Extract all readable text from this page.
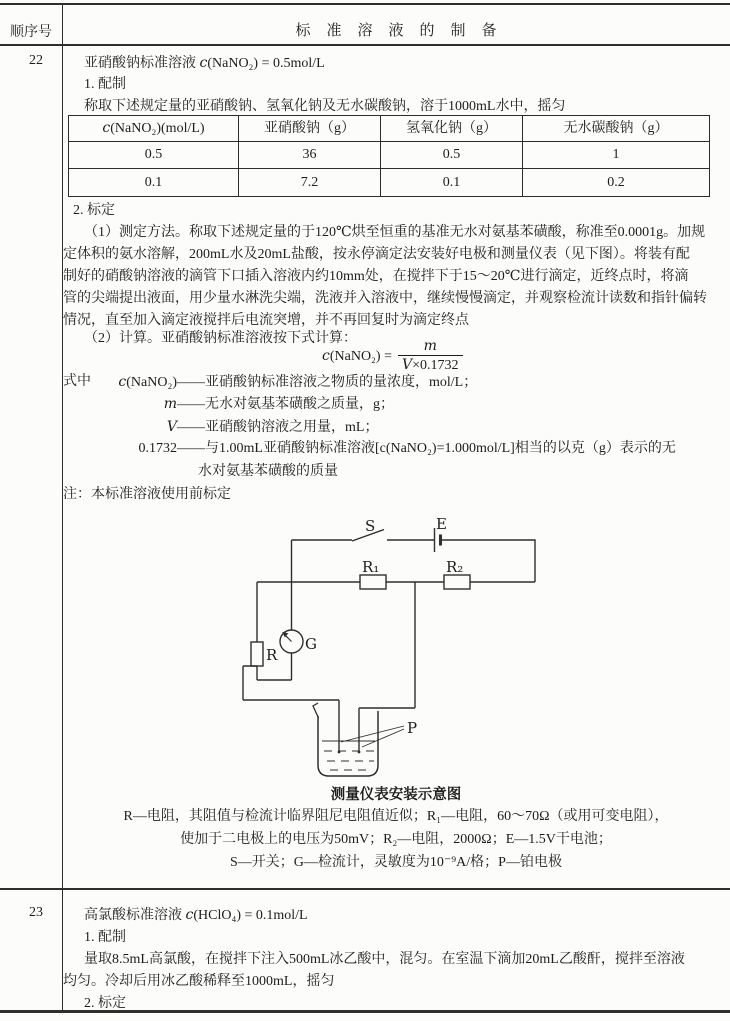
顺序号	标准溶液的制备
22	亚硝酸钠标准溶液 c(NaNO₂) = 0.5mol/L
1. 配制
称取下述规定量的亚硝酸钠、氢氧化钠及无水碳酸钠，溶于1000mL水中，摇匀
c(NaNO₂)(mol/L)	亚硝酸钠（g）	氢氧化钠（g）	无水碳酸钠（g）
0.5	36	0.5	1
0.1	7.2	0.1	0.2
2. 标定
（1）测定方法。称取下述规定量的于120℃烘至恒重的基准无水对氨基苯磺酸，称准至0.0001g。加规
定体积的氨水溶解，200mL水及20mL盐酸，按永停滴定法安装好电极和测量仪表（见下图）。将装有配
制好的硝酸钠溶液的滴管下口插入溶液内约10mm处，在搅拌下于15～20℃进行滴定，近终点时，将滴
管的尖端提出液面，用少量水淋洗尖端，洗液并入溶液中，继续慢慢滴定，并观察检流计读数和指针偏转
情况，直至加入滴定液搅拌后电流突增，并不再回复时为滴定终点
（2）计算。亚硝酸钠标准溶液按下式计算：
c(NaNO₂) = $\frac{m}{V\times 0.1732}$
式中 c(NaNO₂)——亚硝酸钠标准溶液之物质的量浓度，mol/L；
m——无水对氨基苯磺酸之质量，g；
V——亚硝酸钠溶液之用量，mL；
0.1732——与1.00mL亚硝酸钠标准溶液[c(NaNO₂)=1.000mol/L]相当的以克（g）表示的无
水对氨基苯磺酸的质量
注：本标准溶液使用前标定
S	E
R₁	R₂
R
G
P
测量仪表安装示意图
R—电阻，其阻值与检流计临界阻尼电阻值近似；R₁—电阻，60～70Ω（或用可变电阻），
使加于二电极上的电压为50mV；R₂—电阻，2000Ω；E—1.5V干电池；
S—开关；G—检流计，灵敏度为10⁻⁹A/格；P—铂电极
23	高氯酸标准溶液 c(HClO₄) = 0.1mol/L
1. 配制
量取8.5mL高氯酸，在搅拌下注入500mL冰乙酸中，混匀。在室温下滴加20mL乙酸酐，搅拌至溶液
均匀。冷却后用冰乙酸稀释至1000mL，摇匀
2. 标定
